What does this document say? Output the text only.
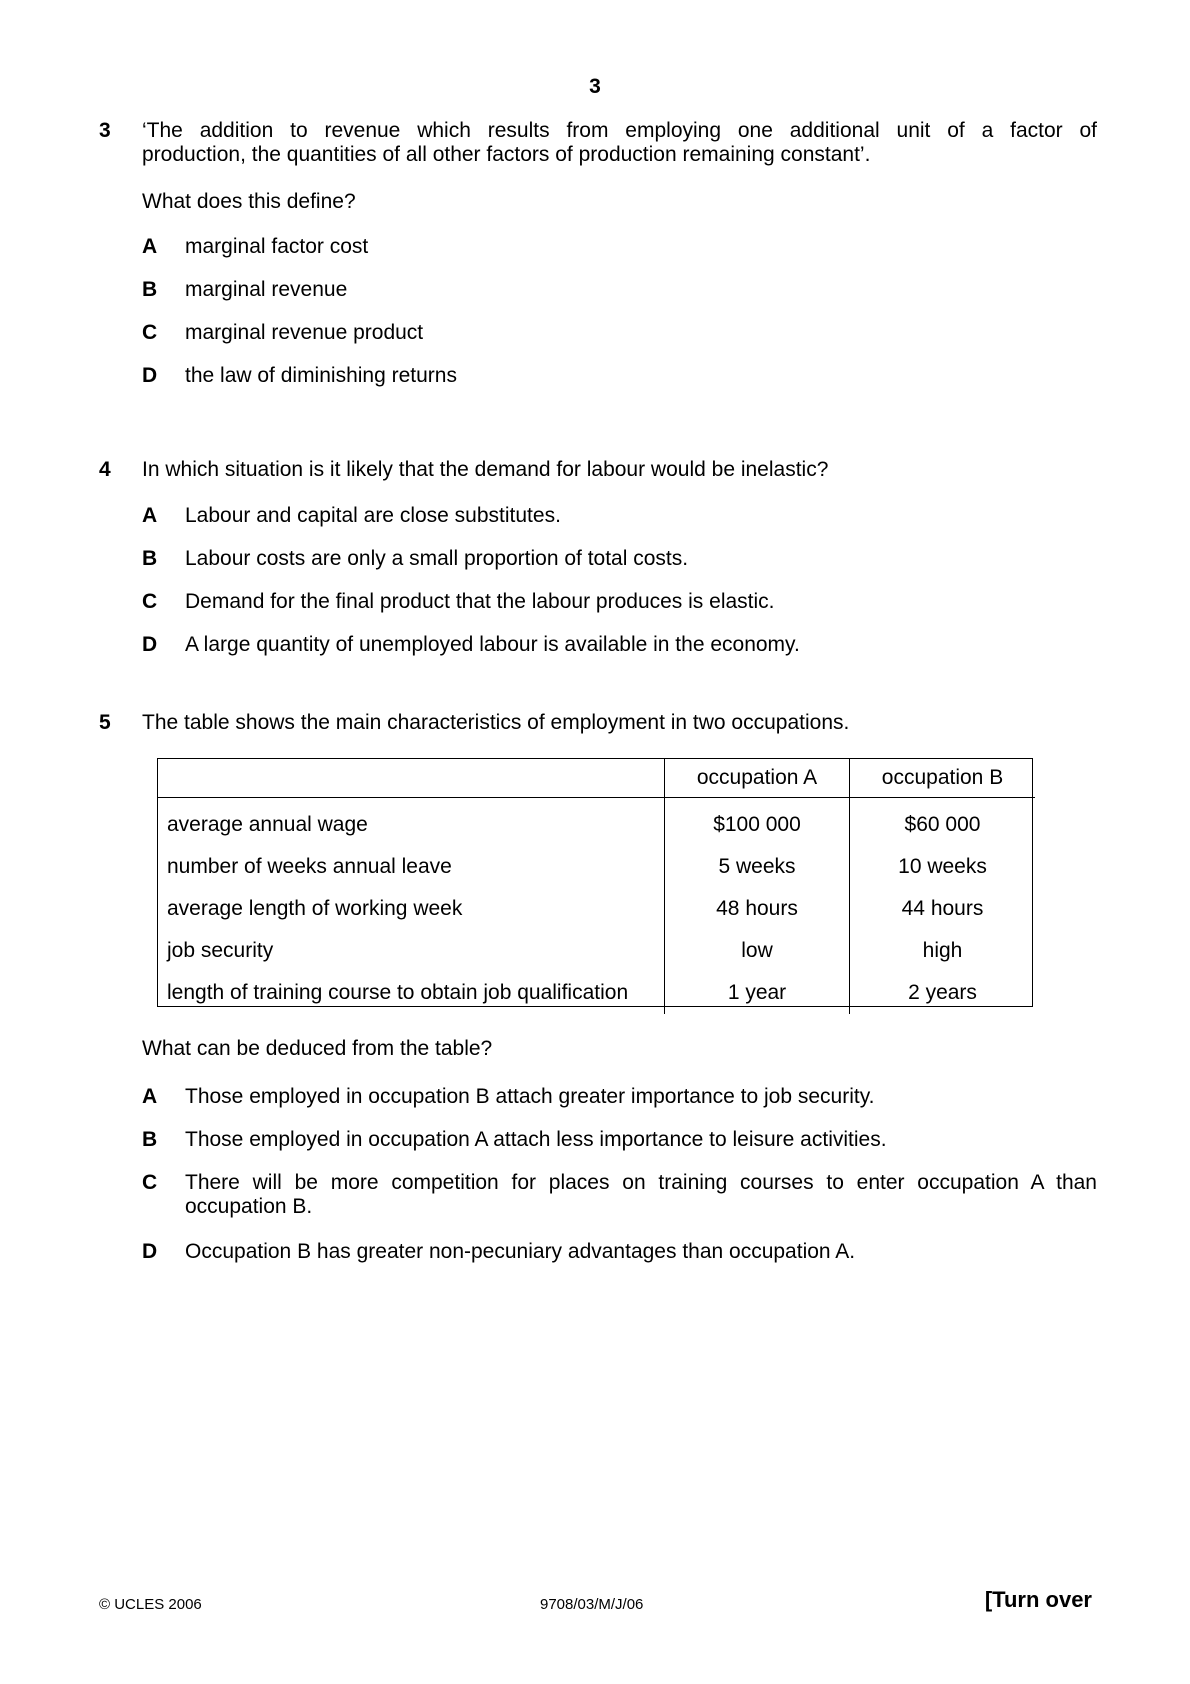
3
3 ‘The addition to revenue which results from employing one additional unit of a factor of
production, the quantities of all other factors of production remaining constant’.
What does this define?
A marginal factor cost
B marginal revenue
C marginal revenue product
D the law of diminishing returns
4 In which situation is it likely that the demand for labour would be inelastic?
A Labour and capital are close substitutes.
B Labour costs are only a small proportion of total costs.
C Demand for the final product that the labour produces is elastic.
D A large quantity of unemployed labour is available in the economy.
5 The table shows the main characteristics of employment in two occupations.
	occupation A	occupation B
average annual wage	$100 000	$60 000
number of weeks annual leave	5 weeks	10 weeks
average length of working week	48 hours	44 hours
job security	low	high
length of training course to obtain job qualification	1 year	2 years
What can be deduced from the table?
A Those employed in occupation B attach greater importance to job security.
B Those employed in occupation A attach less importance to leisure activities.
C There will be more competition for places on training courses to enter occupation A than
occupation B.
D Occupation B has greater non-pecuniary advantages than occupation A.
© UCLES 2006	9708/03/M/J/06	[Turn over
